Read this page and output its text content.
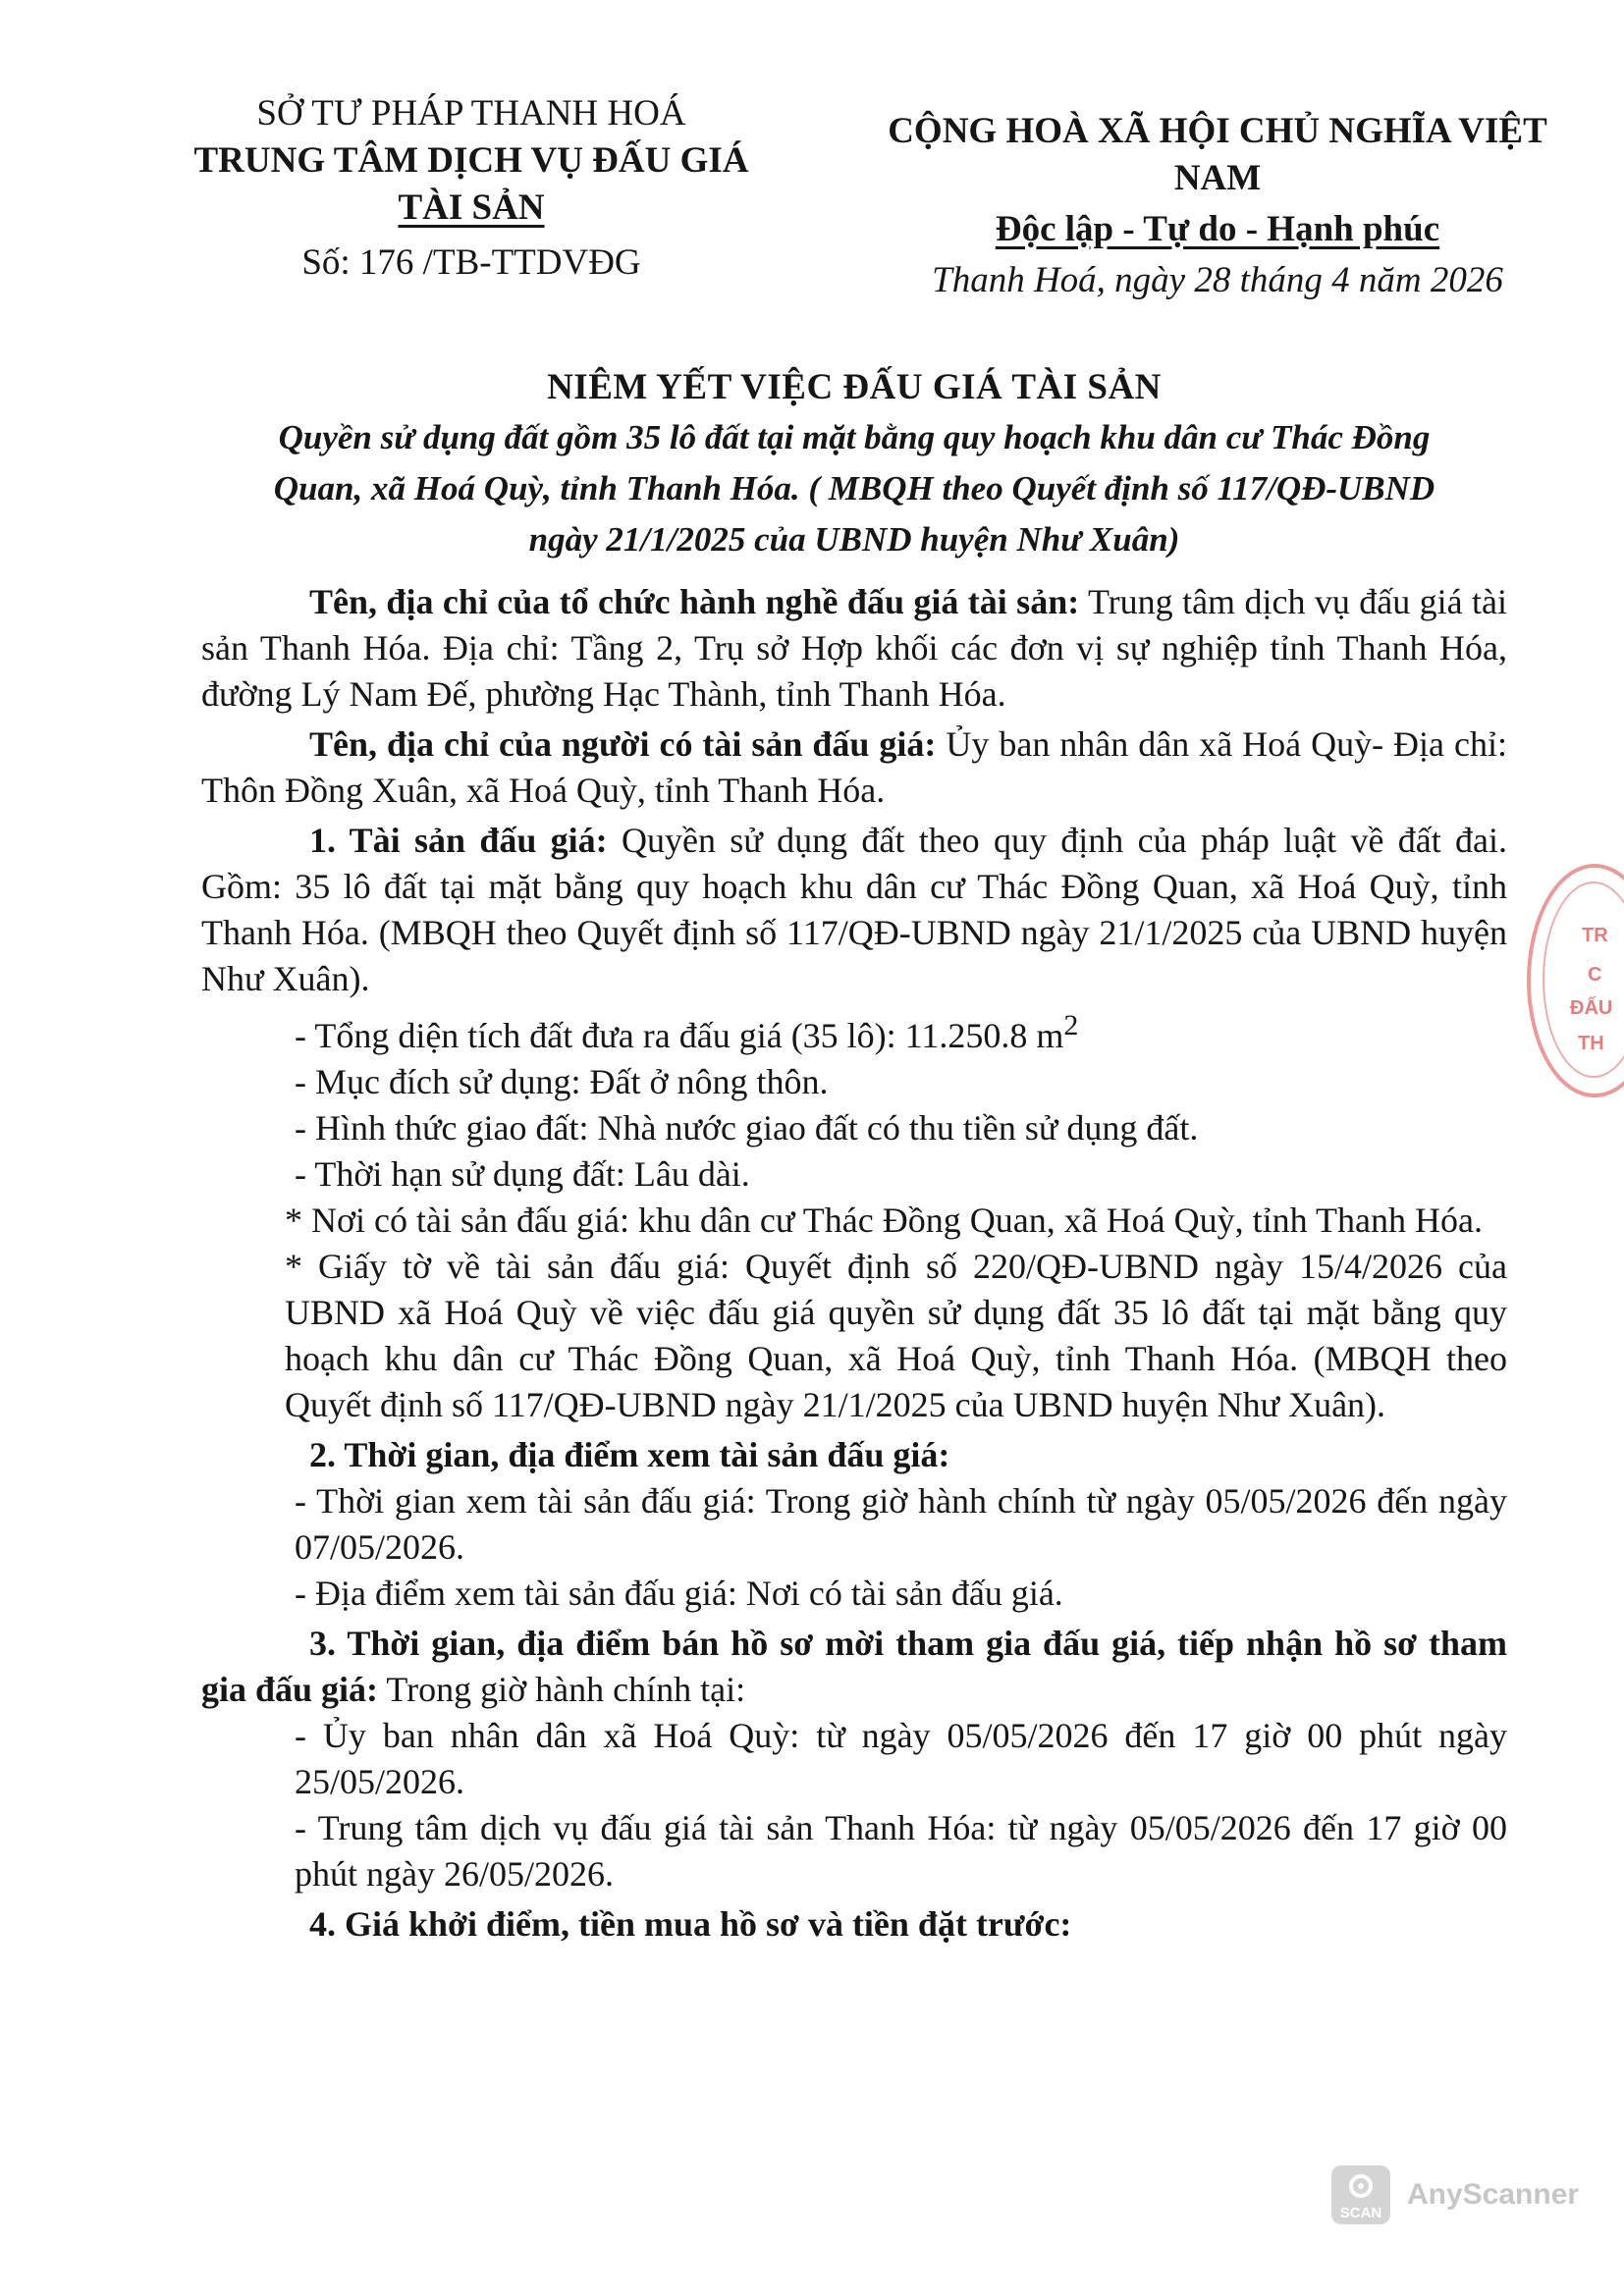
SỞ TƯ PHÁP THANH HOÁ
TRUNG TÂM DỊCH VỤ ĐẤU GIÁ
TÀI SẢN
Số: 176 /TB-TTDVĐG
CỘNG HOÀ XÃ HỘI CHỦ NGHĨA VIỆT
NAM
Độc lập - Tự do - Hạnh phúc
Thanh Hoá, ngày 28 tháng 4 năm 2026
NIÊM YẾT VIỆC ĐẤU GIÁ TÀI SẢN
Quyền sử dụng đất gồm 35 lô đất tại mặt bằng quy hoạch khu dân cư Thác Đồng
Quan, xã Hoá Quỳ, tỉnh Thanh Hóa. ( MBQH theo Quyết định số 117/QĐ-UBND
ngày 21/1/2025 của UBND huyện Như Xuân)

Tên, địa chỉ của tổ chức hành nghề đấu giá tài sản: Trung tâm dịch vụ đấu giá tài sản Thanh Hóa. Địa chỉ: Tầng 2, Trụ sở Hợp khối các đơn vị sự nghiệp tỉnh Thanh Hóa, đường Lý Nam Đế, phường Hạc Thành, tỉnh Thanh Hóa.

Tên, địa chỉ của người có tài sản đấu giá: Ủy ban nhân dân xã Hoá Quỳ- Địa chỉ: Thôn Đồng Xuân, xã Hoá Quỳ, tỉnh Thanh Hóa.

1. Tài sản đấu giá: Quyền sử dụng đất theo quy định của pháp luật về đất đai. Gồm: 35 lô đất tại mặt bằng quy hoạch khu dân cư Thác Đồng Quan, xã Hoá Quỳ, tỉnh Thanh Hóa. (MBQH theo Quyết định số 117/QĐ-UBND ngày 21/1/2025 của UBND huyện Như Xuân).

- Tổng diện tích đất đưa ra đấu giá (35 lô): 11.250.8 $m^2$

- Mục đích sử dụng: Đất ở nông thôn.

- Hình thức giao đất: Nhà nước giao đất có thu tiền sử dụng đất.

- Thời hạn sử dụng đất: Lâu dài.

* Nơi có tài sản đấu giá: khu dân cư Thác Đồng Quan, xã Hoá Quỳ, tỉnh Thanh Hóa.

* Giấy tờ về tài sản đấu giá: Quyết định số 220/QĐ-UBND ngày 15/4/2026 của UBND xã Hoá Quỳ về việc đấu giá quyền sử dụng đất 35 lô đất tại mặt bằng quy hoạch khu dân cư Thác Đồng Quan, xã Hoá Quỳ, tỉnh Thanh Hóa. (MBQH theo Quyết định số 117/QĐ-UBND ngày 21/1/2025 của UBND huyện Như Xuân).

2. Thời gian, địa điểm xem tài sản đấu giá:

- Thời gian xem tài sản đấu giá: Trong giờ hành chính từ ngày 05/05/2026 đến ngày 07/05/2026.

- Địa điểm xem tài sản đấu giá: Nơi có tài sản đấu giá.

3. Thời gian, địa điểm bán hồ sơ mời tham gia đấu giá, tiếp nhận hồ sơ tham gia đấu giá: Trong giờ hành chính tại:

- Ủy ban nhân dân xã Hoá Quỳ: từ ngày 05/05/2026 đến 17 giờ 00 phút ngày 25/05/2026.

- Trung tâm dịch vụ đấu giá tài sản Thanh Hóa: từ ngày 05/05/2026 đến 17 giờ 00 phút ngày 26/05/2026.

4. Giá khởi điểm, tiền mua hồ sơ và tiền đặt trước:

TR
C
ĐẤU
TH
SCAN
AnyScanner
